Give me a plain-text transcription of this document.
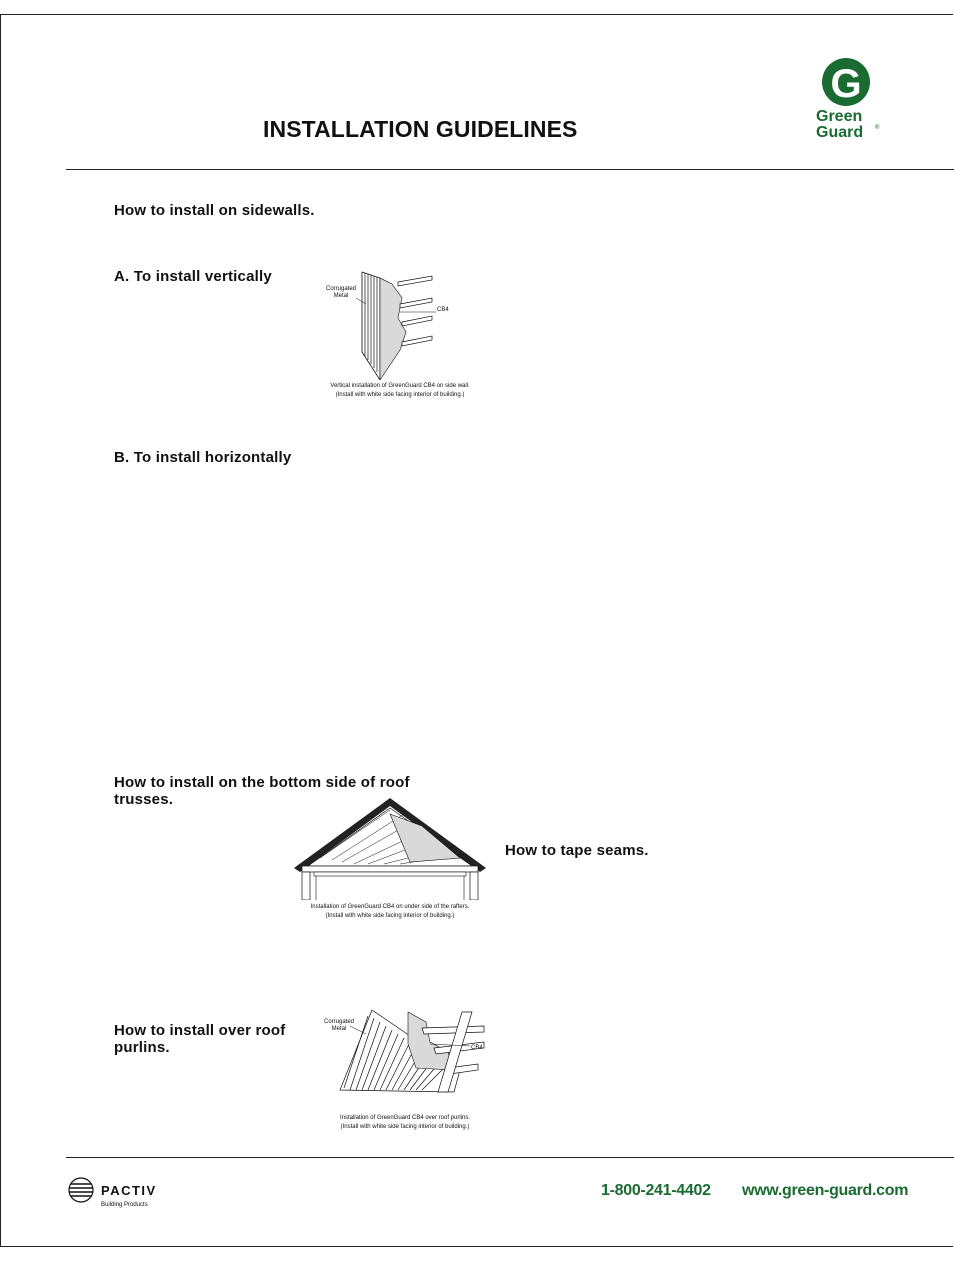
G
Green
Guard ®
INSTALLATION GUIDELINES
How to install on sidewalls.
A. To install vertically
Corrugated Metal
CB4
Vertical installation of GreenGuard CB4 on side wall.
(Install with white side facing interior of building.)
B. To install horizontally
How to install on the bottom side of roof trusses.
Installation of GreenGuard CB4 on under side of the rafters.
(Install with white side facing interior of building.)
How to tape seams.
How to install over roof purlins.
Corrugated Metal
CB4
Installation of GreenGuard CB4 over roof purlins.
(Install with white side facing interior of building.)
PACTIV
Building Products
1-800-241-4402 www.green-guard.com
